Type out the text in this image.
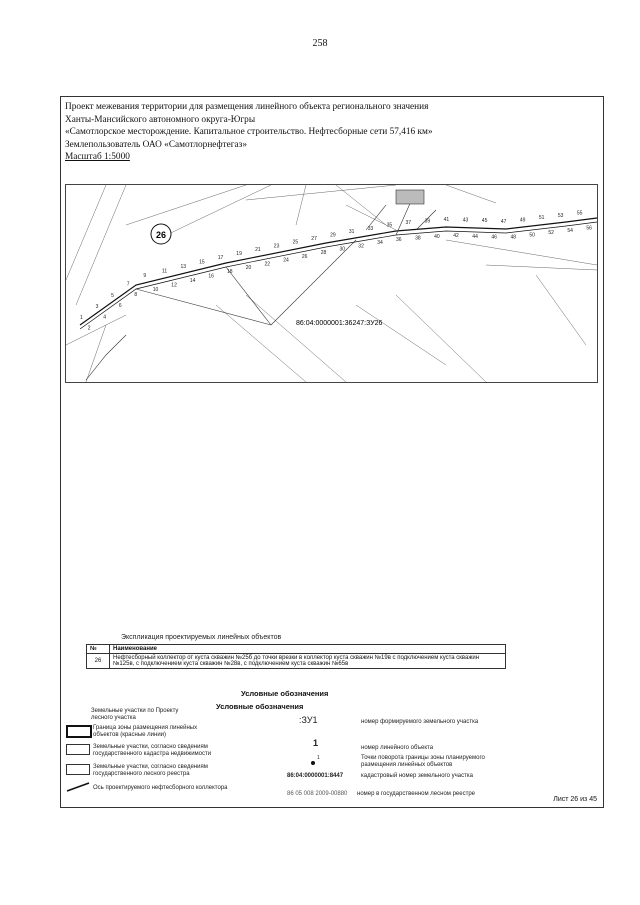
258
Проект межевания территории для размещения линейного объекта регионального значения
Ханты-Мансийского автономного округа-Югры
«Самотлорское месторождение. Капитальное строительство. Нефтесборные сети 57,416 км»
Землепользователь ОАО «Самотлорнефтегаз»
Масштаб 1:5000
26
86:04:0000001:36247:ЗУ26
1
2
3
4
5
6
7
8
9
10
11
12
13
14
15
16
17
18
19
20
21
22
23
24
25
26
27
28
29
30
31
32
33
34
35
36
37
38
39
40
41
42
43
44
45
46
47
48
49
50
51
52
53
54
55
56
Экспликация проектируемых линейных объектов
№	Наименование
26	Нефтесборный коллектор от куста скважин №25б до точки врезки в коллектор куста скважин №19в с подключением куста скважин №125в, с подключением куста скважин №28в, с подключением куста скважин №65в
Условные обозначения
Условные обозначения
Земельные участки по Проекту лесного участка
Граница зоны размещения линейных объектов (красные линии)
Земельные участки, согласно сведениям государственного кадастра недвижимости
Земельные участки, согласно сведениям государственного лесного реестра
Ось проектируемого нефтесборного коллектора
:ЗУ1	номер формируемого земельного участка
1	номер линейного объекта
1	Точки поворота границы зоны планируемого размещения линейных объектов
86:04:0000001:8447	кадастровый номер земельного участка
86 05 008 2009-00880 номер в государственном лесном реестре
Лист 26 из 45
